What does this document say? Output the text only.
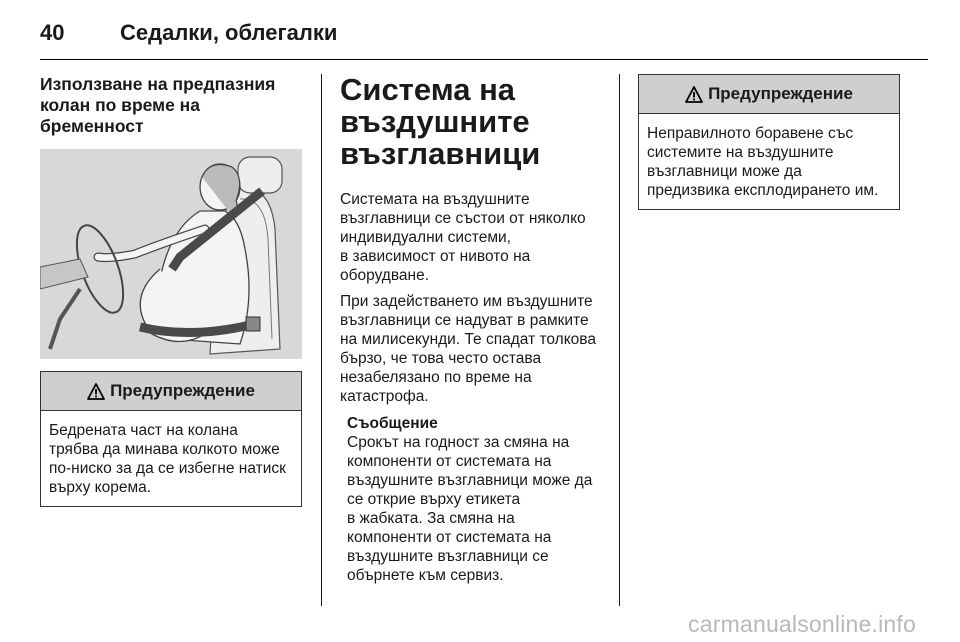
40	Седалки, облегалки
Използване на предпазния
колан по време на
бременност
Предупреждение
Бедрената част на колана
трябва да минава колкото може
по-ниско за да се избегне натиск
върху корема.
Система на
въздушните
възглавници

Системата на въздушните
възглавници се състои от няколко
индивидуални системи,
в зависимост от нивото на
оборудване.

При задействането им въздушните
възглавници се надуват в рамките
на милисекунди. Те спадат толкова
бързо, че това често остава
незабелязано по време на
катастрофа.

Съобщение
Срокът на годност за смяна на
компоненти от системата на
въздушните възглавници може да
се открие върху етикета
в жабката. За смяна на
компоненти от системата на
въздушните възглавници се
обърнете към сервиз.
Предупреждение
Неправилното боравене със
системите на въздушните
възглавници може да
предизвика експлодирането им.
carmanualsonline.info
